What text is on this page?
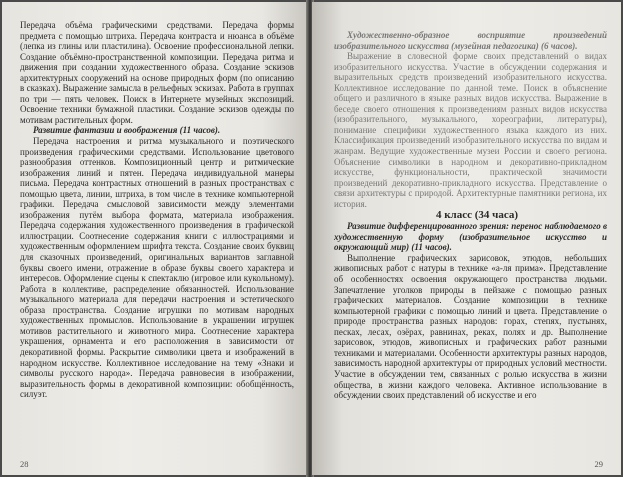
Передача объёма графическими средствами. Передача формы предмета с помощью штриха. Передача контраста и нюанса в объёме (лепка из глины или пластилина). Освоение профессиональной лепки. Создание объёмно-пространственной композиции. Передача ритма и движения при создании художественного образа. Создание эскизов архитектурных сооружений на основе природных форм (по описанию в сказках). Выражение замысла в рельефных эскизах. Работа в группах по три — пять человек. Поиск в Интернете музейных экспозиций. Освоение техники бумажной пластики. Создание эскизов одежды по мотивам растительных форм.

Развитие фантазии и воображения (11 часов).

Передача настроения и ритма музыкального и поэтического произведения графическими средствами. Использование цветового разнообразия оттенков. Композиционный центр и ритмические изображения линий и пятен. Передача индивидуальной манеры письма. Передача контрастных отношений в разных пространствах с помощью цвета, линии, штриха, в том числе в технике компьютерной графики. Передача смысловой зависимости между элементами изображения путём выбора формата, материала изображения. Передача содержания художественного произведения в графической иллюстрации. Соотнесение содержания книги с иллюстрациями и художественным оформлением шрифта текста. Создание своих буквиц для сказочных произведений, оригинальных вариантов заглавной буквы своего имени, отражение в образе буквы своего характера и интересов. Оформление сцены к спектаклю (игровое или кукольному). Работа в коллективе, распределение обязанностей. Использование музыкального материала для передачи настроения и эстетического образа пространства. Создание игрушки по мотивам народных художественных промыслов. Использование в украшении игрушек мотивов растительного и животного мира. Соотнесение характера украшения, орнамента и его расположения в зависимости от декоративной формы. Раскрытие символики цвета и изображений в народном искусстве. Коллективное исследование на тему «Знаки и символы русского народа». Передача равновесия в изображении, выразительность формы в декоративной композиции: обобщённость, силуэт.

28

Художественно-образное восприятие произведений изобразительного искусства (музейная педагогика) (6 часов).

Выражение в словесной форме своих представлений о видах изобразительного искусства. Участие в обсуждении содержания и выразительных средств произведений изобразительного искусства. Коллективное исследование по данной теме. Поиск в объяснение общего и различного в языке разных видов искусства. Выражение в беседе своего отношения к произведениям разных видов искусства (изобразительного, музыкального, хореографии, литературы), понимание специфики художественного языка каждого из них. Классификация произведений изобразительного искусства по видам и жанрам. Ведущие художественные музеи России и своего региона. Объяснение символики в народном и декоративно-прикладном искусстве, функциональности, практической значимости произведений декоративно-прикладного искусства. Представление о связи архитектуры с природой. Архитектурные памятники региона, их история.

4 класс (34 часа)

Развитие дифференцированного зрения: перенос наблюдаемого в художественную форму (изобразительное искусство и окружающий мир) (11 часов).

Выполнение графических зарисовок, этюдов, небольших живописных работ с натуры в технике «а-ля прима». Представление об особенностях освоения окружающего пространства людьми. Запечатление уголков природы в пейзаже с помощью разных графических материалов. Создание композиции в технике компьютерной графики с помощью линий и цвета. Представление о природе пространства разных народов: горах, степях, пустынях, песках, лесах, озёрах, равнинах, реках, полях и др. Выполнение зарисовок, этюдов, живописных и графических работ разными техниками и материалами. Особенности архитектуры разных народов, зависимость народной архитектуры от природных условий местности. Участие в обсуждении тем, связанных с ролью искусства в жизни общества, в жизни каждого человека. Активное использование в обсуждении своих представлений об искусстве и его

29
